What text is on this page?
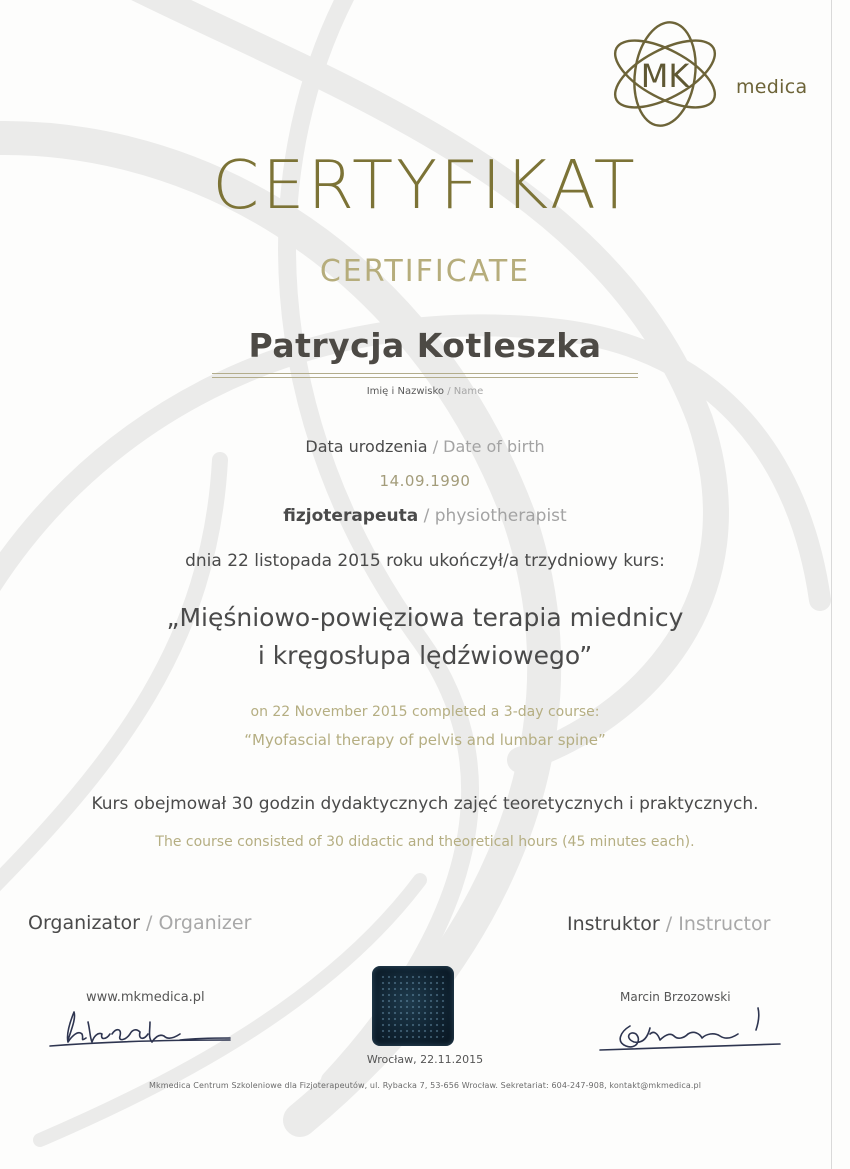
MK medica
CERTYFIKAT
CERTIFICATE
Patrycja Kotleszka
Imię i Nazwisko / Name
Data urodzenia / Date of birth
14.09.1990
fizjoterapeuta / physiotherapist
dnia 22 listopada 2015 roku ukończył/a trzydniowy kurs:
„Mięśniowo-powięziowa terapia miednicy
i kręgosłupa lędźwiowego”
on 22 November 2015 completed a 3-day course:
“Myofascial therapy of pelvis and lumbar spine”
Kurs obejmował 30 godzin dydaktycznych zajęć teoretycznych i praktycznych.
The course consisted of 30 didactic and theoretical hours (45 minutes each).
Organizator / Organizer	Instruktor / Instructor
www.mkmedica.pl	Marcin Brzozowski
Wrocław, 22.11.2015
Mkmedica Centrum Szkoleniowe dla Fizjoterapeutów, ul. Rybacka 7, 53-656 Wrocław. Sekretariat: 604-247-908, kontakt@mkmedica.pl
